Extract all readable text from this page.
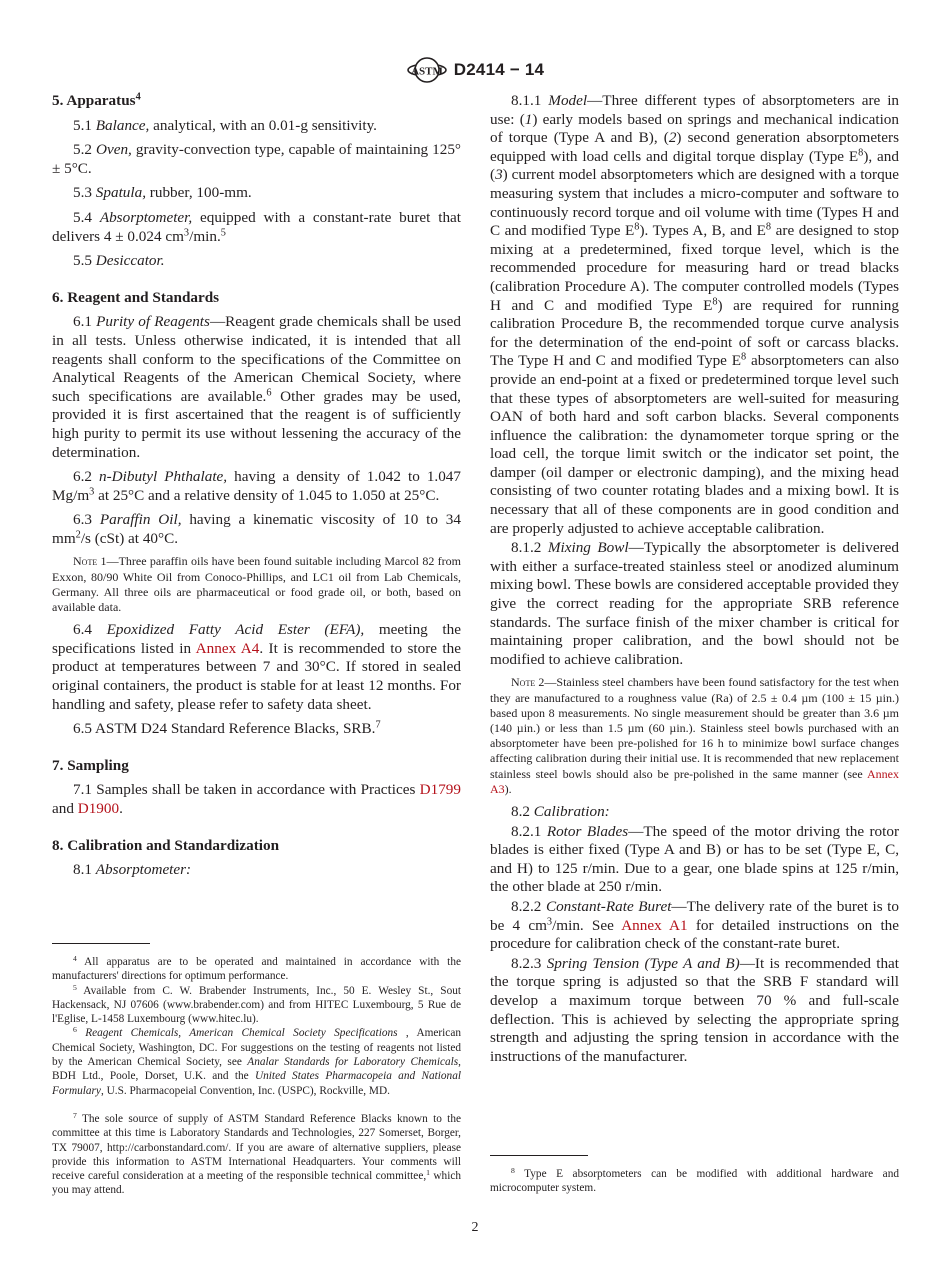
ASTM D2414 − 14
5. Apparatus$^4$
5.1 Balance, analytical, with an 0.01-g sensitivity.
5.2 Oven, gravity-convection type, capable of maintaining 125° ± 5°C.
5.3 Spatula, rubber, 100-mm.
5.4 Absorptometer, equipped with a constant-rate buret that delivers 4 ± 0.024 $cm^3/\min.^5$
5.5 Desiccator.
6. Reagent and Standards
6.1 Purity of Reagents—Reagent grade chemicals shall be used in all tests. Unless otherwise indicated, it is intended that all reagents shall conform to the specifications of the Committee on Analytical Reagents of the American Chemical Society, where such specifications are available.$^6$ Other grades may be used, provided it is first ascertained that the reagent is of sufficiently high purity to permit its use without lessening the accuracy of the determination.
6.2 n-Dibutyl Phthalate, having a density of 1.042 to 1.047 $Mg/m^3$ at 25°C and a relative density of 1.045 to 1.050 at 25°C.
6.3 Paraffin Oil, having a kinematic viscosity of 10 to 34 $mm^2/s$ (cSt) at 40°C.
Note 1—Three paraffin oils have been found suitable including Marcol 82 from Exxon, 80/90 White Oil from Conoco-Phillips, and LC1 oil from Lab Chemicals, Germany. All three oils are pharmaceutical or food grade oil, or both, based on available data.
6.4 Epoxidized Fatty Acid Ester (EFA), meeting the specifications listed in Annex A4. It is recommended to store the product at temperatures between 7 and 30°C. If stored in sealed original containers, the product is stable for at least 12 months. For handling and safety, please refer to safety data sheet.
6.5 ASTM D24 Standard Reference Blacks, SRB.$^7$
7. Sampling
7.1 Samples shall be taken in accordance with Practices D1799 and D1900.
8. Calibration and Standardization
8.1 Absorptometer:
$^4$ All apparatus are to be operated and maintained in accordance with the manufacturers' directions for optimum performance.
$^5$ Available from C. W. Brabender Instruments, Inc., 50 E. Wesley St., Sout Hackensack, NJ 07606 (www.brabender.com) and from HITEC Luxembourg, 5 Rue de l'Eglise, L-1458 Luxembourg (www.hitec.lu).
$^6$ Reagent Chemicals, American Chemical Society Specifications , American Chemical Society, Washington, DC. For suggestions on the testing of reagents not listed by the American Chemical Society, see Analar Standards for Laboratory Chemicals, BDH Ltd., Poole, Dorset, U.K. and the United States Pharmacopeia and National Formulary, U.S. Pharmacopeial Convention, Inc. (USPC), Rockville, MD.
$^7$ The sole source of supply of ASTM Standard Reference Blacks known to the committee at this time is Laboratory Standards and Technologies, 227 Somerset, Borger, TX 79007, http://carbonstandard.com/. If you are aware of alternative suppliers, please provide this information to ASTM International Headquarters. Your comments will receive careful consideration at a meeting of the responsible technical committee,$^1$ which you may attend.
8.1.1 Model—Three different types of absorptometers are in use: (1) early models based on springs and mechanical indication of torque (Type A and B), (2) second generation absorptometers equipped with load cells and digital torque display (Type $E^8$), and (3) current model absorptometers which are designed with a torque measuring system that includes a micro-computer and software to continuously record torque and oil volume with time (Types H and C and modified Type $E^8$). Types A, B, and $E^8$ are designed to stop mixing at a predetermined, fixed torque level, which is the recommended procedure for measuring hard or tread blacks (calibration Procedure A). The computer controlled models (Types H and C and modified Type $E^8$) are required for running calibration Procedure B, the recommended torque curve analysis for the determination of the end-point of soft or carcass blacks. The Type H and C and modified Type $E^8$ absorptometers can also provide an end-point at a fixed or predetermined torque level such that these types of absorptometers are well-suited for measuring OAN of both hard and soft carbon blacks. Several components influence the calibration: the dynamometer torque spring or the load cell, the torque limit switch or the indicator set point, the damper (oil damper or electronic damping), and the mixing head consisting of two counter rotating blades and a mixing bowl. It is necessary that all of these components are in good condition and are properly adjusted to achieve acceptable calibration.
8.1.2 Mixing Bowl—Typically the absorptometer is delivered with either a surface-treated stainless steel or anodized aluminum mixing bowl. These bowls are considered acceptable provided they give the correct reading for the appropriate SRB reference standards. The surface finish of the mixer chamber is critical for maintaining proper calibration, and the bowl should not be modified to achieve calibration.
Note 2—Stainless steel chambers have been found satisfactory for the test when they are manufactured to a roughness value (Ra) of 2.5 ± 0.4 µm (100 ± 15 µin.) based upon 8 measurements. No single measurement should be greater than 3.6 µm (140 µin.) or less than 1.5 µm (60 µin.). Stainless steel bowls purchased with an absorptometer have been pre-polished for 16 h to minimize bowl surface changes affecting calibration during their initial use. It is recommended that new replacement stainless steel bowls should also be pre-polished in the same manner (see Annex A3).
8.2 Calibration:
8.2.1 Rotor Blades—The speed of the motor driving the rotor blades is either fixed (Type A and B) or has to be set (Type E, C, and H) to 125 r/min. Due to a gear, one blade spins at 125 r/min, the other blade at 250 r/min.
8.2.2 Constant-Rate Buret—The delivery rate of the buret is to be 4 $cm^3/\min$. See Annex A1 for detailed instructions on the procedure for calibration check of the constant-rate buret.
8.2.3 Spring Tension (Type A and B)—It is recommended that the torque spring is adjusted so that the SRB F standard will develop a maximum torque between 70 % and full-scale deflection. This is achieved by selecting the appropriate spring strength and adjusting the spring tension in accordance with the instructions of the manufacturer.
$^8$ Type E absorptometers can be modified with additional hardware and microcomputer system.
2
